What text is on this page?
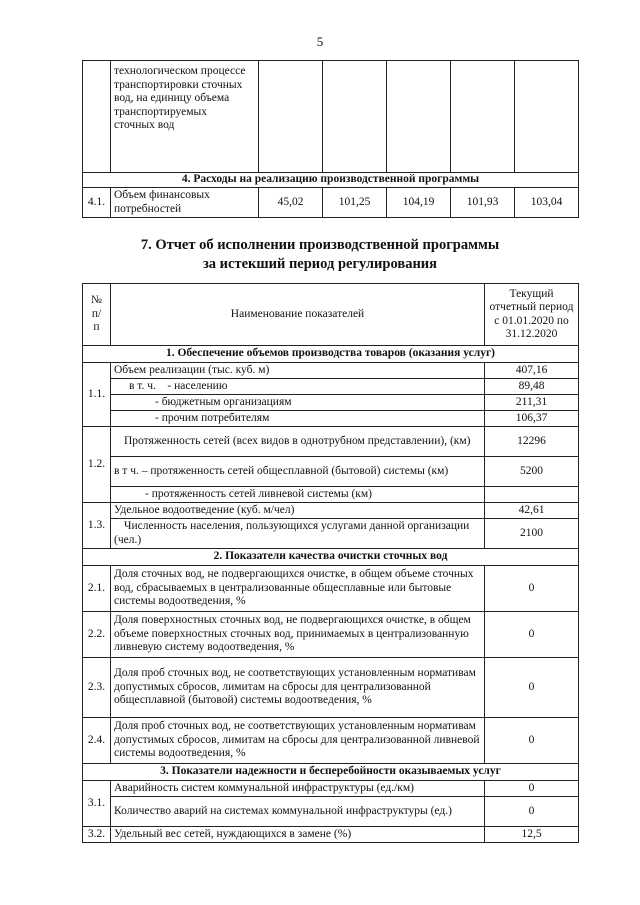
5
	технологическом процессе транспортировки сточных вод, на единицу объема транспортируемых сточных вод					
4. Расходы на реализацию производственной программы						
4.1.	Объем финансовых потребностей	45,02	101,25	104,19	101,93	103,04
7. Отчет об исполнении производственной программы
за истекший период регулирования
№ п/п	Наименование показателей	Текущий отчетный период с 01.01.2020 по 31.12.2020
1. Обеспечение объемов производства товаров (оказания услуг)		
1.1.	Объем реализации (тыс. куб. м)	407,16
	в т. ч.    - населению	89,48
	- бюджетным организациям	211,31
	- прочим потребителям	106,37
1.2.	Протяженность сетей (всех видов в однотрубном представлении), (км)	12296
	в т ч. – протяженность сетей общесплавной (бытовой) системы (км)	5200
	- протяженность сетей ливневой системы (км)	
1.3.	Удельное водоотведение (куб. м/чел)	42,61
	Численность населения, пользующихся услугами данной организации (чел.)	2100
2. Показатели качества очистки сточных вод		
2.1.	Доля сточных вод, не подвергающихся очистке, в общем объеме сточных вод, сбрасываемых в централизованные общесплавные или бытовые системы водоотведения, %	0
2.2.	Доля поверхностных сточных вод, не подвергающихся очистке, в общем объеме поверхностных сточных вод, принимаемых в централизованную ливневую систему водоотведения, %	0
2.3.	Доля проб сточных вод, не соответствующих установленным нормативам допустимых сбросов, лимитам на сбросы для централизованной общесплавной (бытовой) системы водоотведения, %	0
2.4.	Доля проб сточных вод, не соответствующих установленным нормативам допустимых сбросов, лимитам на сбросы для централизованной ливневой системы водоотведения, %	0
3. Показатели надежности и бесперебойности оказываемых услуг		
3.1.	Аварийность систем коммунальной инфраструктуры (ед./км)	0
	Количество аварий на системах коммунальной инфраструктуры (ед.)	0
3.2.	Удельный вес сетей, нуждающихся в замене (%)	12,5
